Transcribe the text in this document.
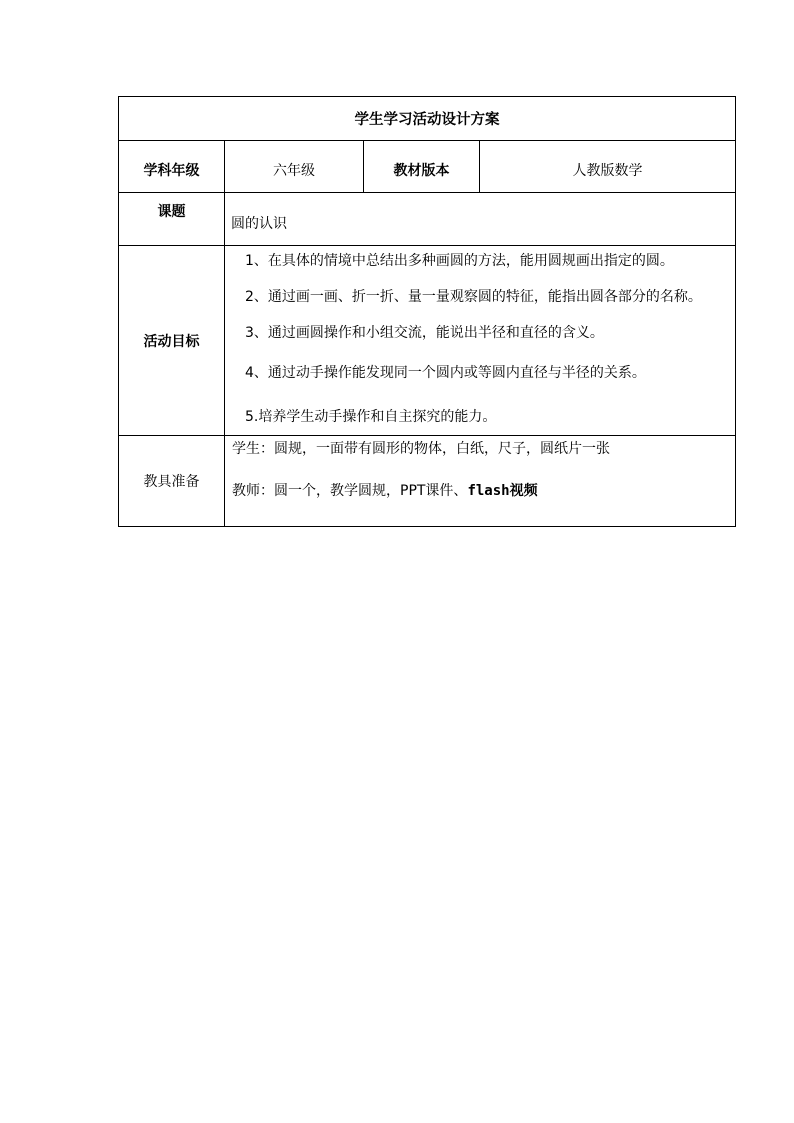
学生学习活动设计方案			
学科年级	六年级	教材版本	人教版数学
课题	圆的认识		
活动目标	1、在具体的情境中总结出多种画圆的方法，能用圆规画出指定的圆。

2、通过画一画、折一折、量一量观察圆的特征，能指出圆各部分的名称。

3、通过画圆操作和小组交流，能说出半径和直径的含义。

4、通过动手操作能发现同一个圆内或等圆内直径与半径的关系。

5.培养学生动手操作和自主探究的能力。		

教具准备	学生：圆规，一面带有圆形的物体，白纸，尺子，圆纸片一张

教师：圆一个，教学圆规，PPT课件、flash视频		
